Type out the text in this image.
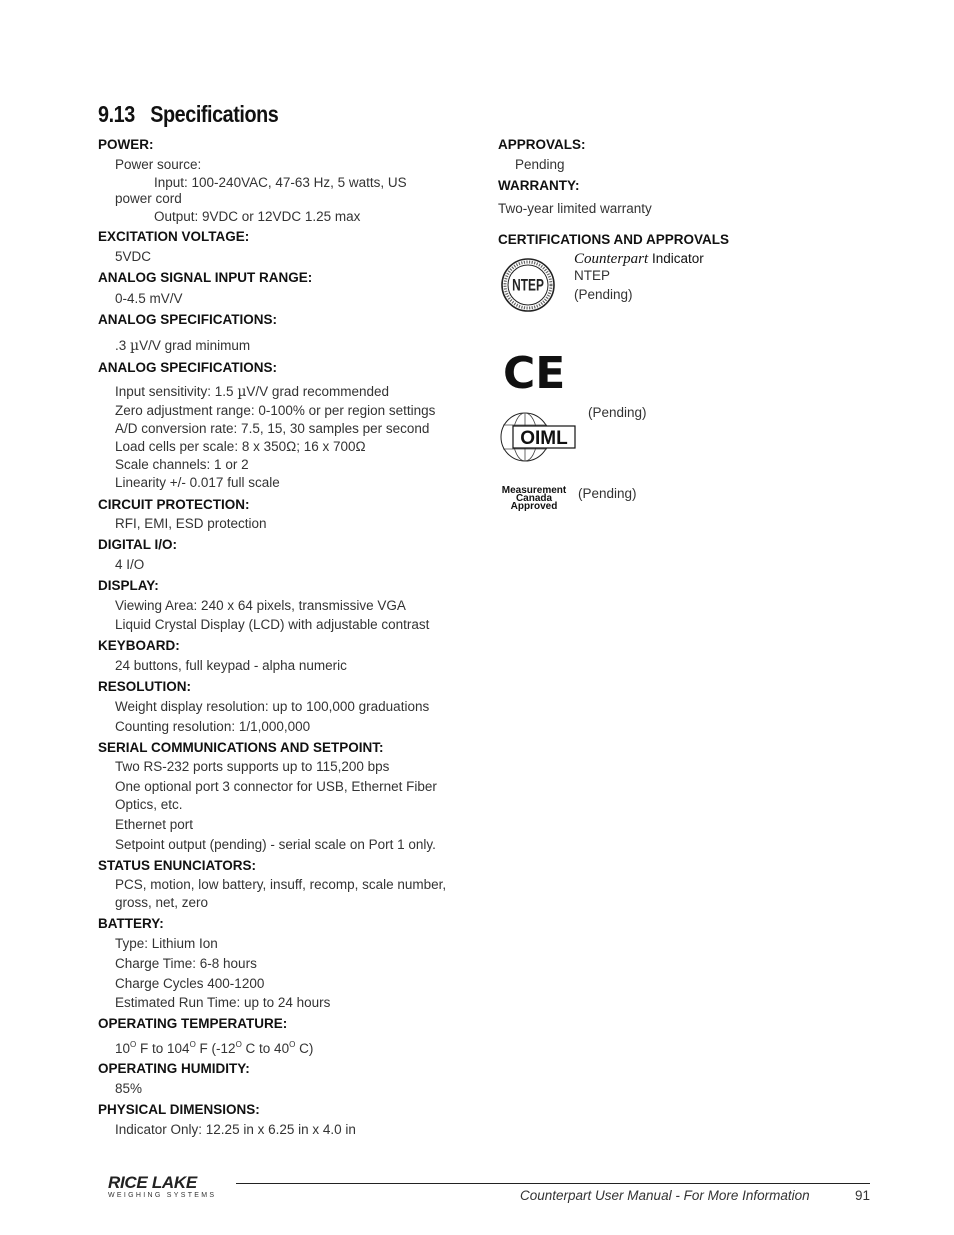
9.13 Specifications
POWER:
Power source:
Input: 100-240VAC, 47-63 Hz, 5 watts, US
power cord
Output: 9VDC or 12VDC 1.25 max
EXCITATION VOLTAGE:
5VDC
ANALOG SIGNAL INPUT RANGE:
0-4.5 mV/V
ANALOG SPECIFICATIONS:
.3 µV/V grad minimum
ANALOG SPECIFICATIONS:
Input sensitivity: 1.5 µV/V grad recommended
Zero adjustment range: 0-100% or per region settings
A/D conversion rate: 7.5, 15, 30 samples per second
Load cells per scale: 8 x 350Ω; 16 x 700Ω
Scale channels: 1 or 2
Linearity +/- 0.017 full scale
CIRCUIT PROTECTION:
RFI, EMI, ESD protection
DIGITAL I/O:
4 I/O
DISPLAY:
Viewing Area: 240 x 64 pixels, transmissive VGA
Liquid Crystal Display (LCD) with adjustable contrast
KEYBOARD:
24 buttons, full keypad - alpha numeric
RESOLUTION:
Weight display resolution: up to 100,000 graduations
Counting resolution: 1/1,000,000
SERIAL COMMUNICATIONS AND SETPOINT:
Two RS-232 ports supports up to 115,200 bps
One optional port 3 connector for USB, Ethernet Fiber
Optics, etc.
Ethernet port
Setpoint output (pending) - serial scale on Port 1 only.
STATUS ENUNCIATORS:
PCS, motion, low battery, insuff, recomp, scale number,
gross, net, zero
BATTERY:
Type: Lithium Ion
Charge Time: 6-8 hours
Charge Cycles 400-1200
Estimated Run Time: up to 24 hours
OPERATING TEMPERATURE:
$10^O$ F to $104^O$ F ($-12^O$ C to $40^O$ C)
OPERATING HUMIDITY:
85%
PHYSICAL DIMENSIONS:
Indicator Only: 12.25 in x 6.25 in x 4.0 in
APPROVALS:
Pending
WARRANTY:
Two-year limited warranty
CERTIFICATIONS AND APPROVALS
Counterpart Indicator
NTEP
(Pending)
NTEP
CE
OIML
(Pending)
Measurement
Canada
Approved
(Pending)
RICE LAKE
WEIGHING SYSTEMS	Counterpart User Manual - For More Information	91
